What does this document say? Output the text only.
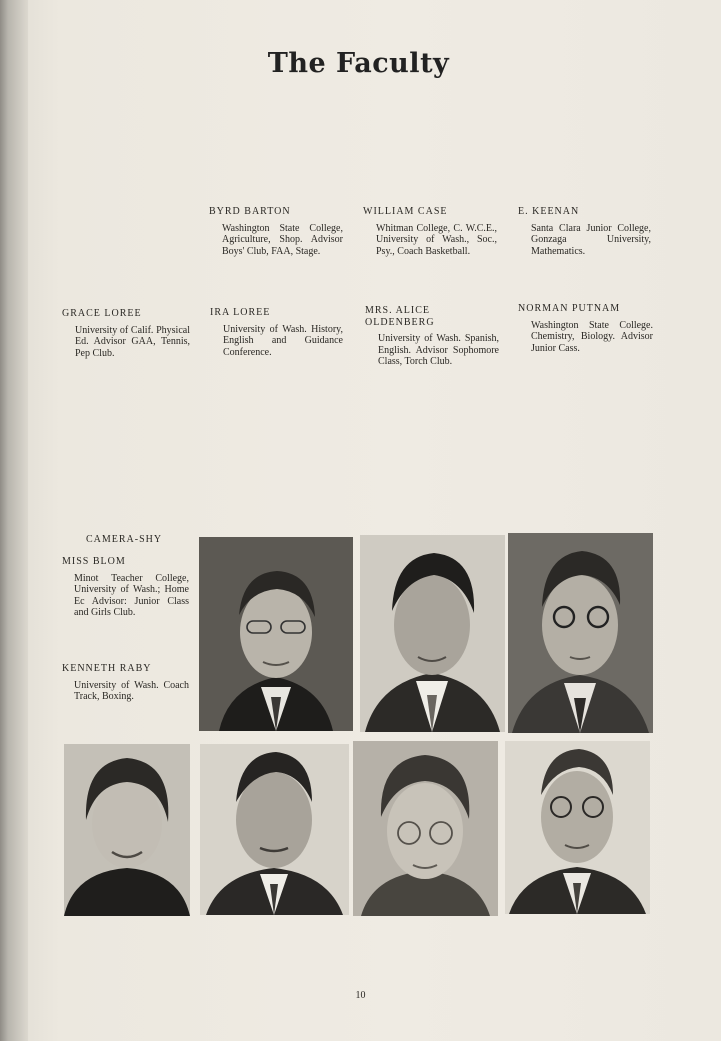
The Faculty
BYRD BARTON
Washington State College, Agriculture, Shop. Advisor Boys' Club, FAA, Stage.
WILLIAM CASE
Whitman College, C. W.C.E., University of Wash., Soc., Psy., Coach Basketball.
E. KEENAN
Santa Clara Junior College, Gonzaga University, Mathematics.
GRACE LOREE
University of Calif. Physical Ed. Advisor GAA, Tennis, Pep Club.
IRA LOREE
University of Wash. History, English and Guidance Conference.
MRS. ALICE OLDENBERG
University of Wash. Spanish, English. Advisor Sophomore Class, Torch Club.
NORMAN PUTNAM
Washington State College. Chemistry, Biology. Advisor Junior Cass.
CAMERA-SHY
MISS BLOM
Minot Teacher College, University of Wash.; Home Ec Advisor: Junior Class and Girls Club.
KENNETH RABY
University of Wash. Coach Track, Boxing.
10
